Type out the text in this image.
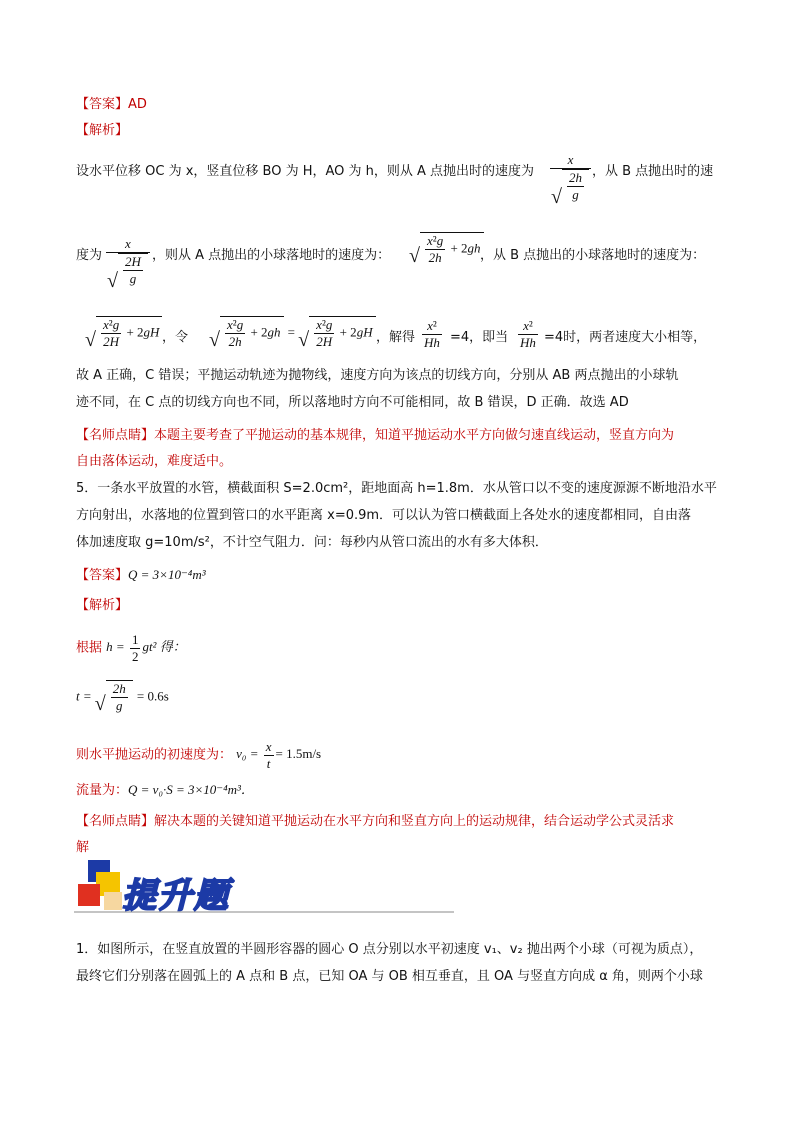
【答案】AD
【解析】
设水平位移 OC 为 x，竖直位移 BO 为 H，AO 为 h，则从 A 点抛出时的速度为 x
√ $\frac{2h}{g}$ ，从 B 点抛出时的速
度为 x
√ $\frac{2H}{g}$ ，则从 A 点抛出的小球落地时的速度为：	√ $\frac{\text{x²g}}{2h} + 2gh$
，从 B 点抛出的小球落地时的速度为：
√ $\frac{\text{x²g}}{2H} + 2gH$ ，令	√ $\frac{\text{x²g}}{2h} + 2gh$ = √ $\frac{\text{x²g}}{2H} + 2gH$ ，解得 $\frac{\text{x²}}{Hh} =4$，即当 $\frac{\text{x²}}{Hh} =4$时，两者速度大小相等，
故 A 正确，C 错误；平抛运动轨迹为抛物线，速度方向为该点的切线方向，分别从 AB 两点抛出的小球轨
迹不同，在 C 点的切线方向也不同，所以落地时方向不可能相同，故 B 错误，D 正确．故选 AD
【名师点睛】本题主要考查了平抛运动的基本规律，知道平抛运动水平方向做匀速直线运动，竖直方向为
自由落体运动，难度适中。
5．一条水平放置的水管，横截面积 S=2.0cm²，距地面高 h=1.8m．水从管口以不变的速度源源不断地沿水平
方向射出，水落地的位置到管口的水平距离 x=0.9m．可以认为管口横截面上各处水的速度都相同，自由落
体加速度取 g=10m/s²，不计空气阻力．问：每秒内从管口流出的水有多大体积．
【答案】Q = 3×10⁻⁴m³
【解析】
根据 $h = \frac{1}{2} gt^2$ 得：
t = √ $\frac{2h}{g} = 0.6s$
则水平抛运动的初速度为： $v_0 = \frac{x}{t} = 1.5m/s$
流量为：Q = v₀·S = 3×10⁻⁴m³．
【名师点睛】解决本题的关键知道平抛运动在水平方向和竖直方向上的运动规律，结合运动学公式灵活求
解
提升题
1．如图所示，在竖直放置的半圆形容器的圆心 O 点分别以水平初速度 v₁、v₂ 抛出两个小球（可视为质点），
最终它们分别落在圆弧上的 A 点和 B 点，已知 OA 与 OB 相互垂直，且 OA 与竖直方向成 α 角，则两个小球
